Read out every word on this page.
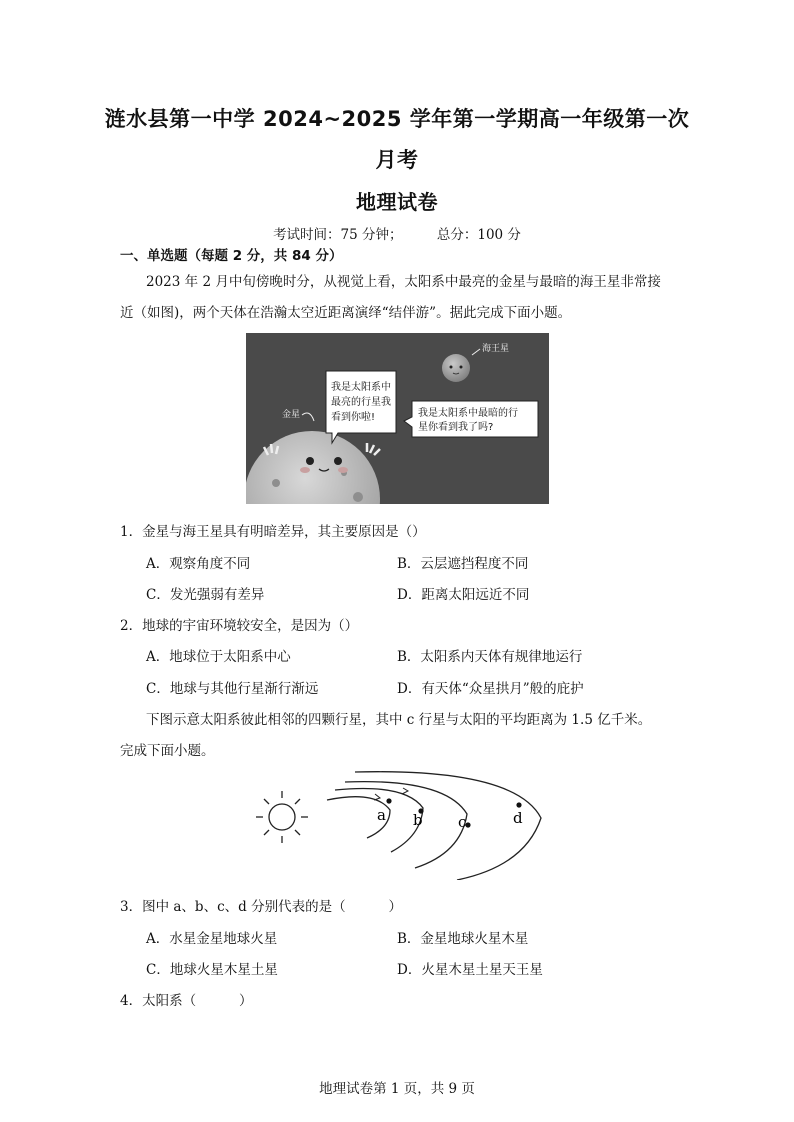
涟水县第一中学 2024~2025 学年第一学期高一年级第一次
月考
地理试卷
考试时间：75 分钟；        总分：100 分
一、单选题（每题 2 分，共 84 分）
2023 年 2 月中旬傍晚时分，从视觉上看，太阳系中最亮的金星与最暗的海王星非常接
近（如图)，两个天体在浩瀚太空近距离演绎“结伴游”。据此完成下面小题。
金星
我是太阳系中 最亮的行星我 看到你啦!
海王星
我是太阳系中最暗的行 星你看到我了吗?
1．金星与海王星具有明暗差异，其主要原因是（）
A．观察角度不同	B．云层遮挡程度不同
C．发光强弱有差异	D．距离太阳远近不同
2．地球的宇宙环境较安全，是因为（）
A．地球位于太阳系中心	B．太阳系内天体有规律地运行
C．地球与其他行星渐行渐远	D．有天体“众星拱月”般的庇护
下图示意太阳系彼此相邻的四颗行星，其中 c 行星与太阳的平均距离为 1.5 亿千米。
完成下面小题。
a b c	d
3．图中 a、b、c、d 分别代表的是（          ）
A．水星金星地球火星	B．金星地球火星木星
C．地球火星木星土星	D．火星木星土星天王星
4．太阳系（          ）
地理试卷第 1 页，共 9 页
